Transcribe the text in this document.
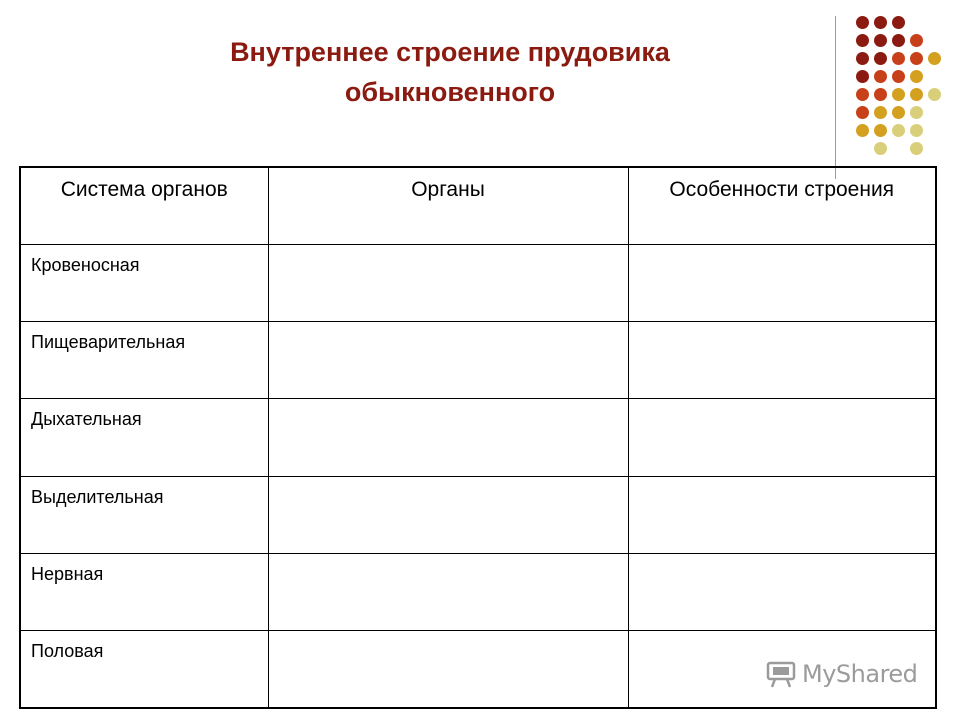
Внутреннее строение прудовика
обыкновенного
Система органов	Органы	Особенности строения

Кровеносная		

Пищеварительная		

Дыхательная		

Выделительная		

Нервная		

Половая		

MyShared
